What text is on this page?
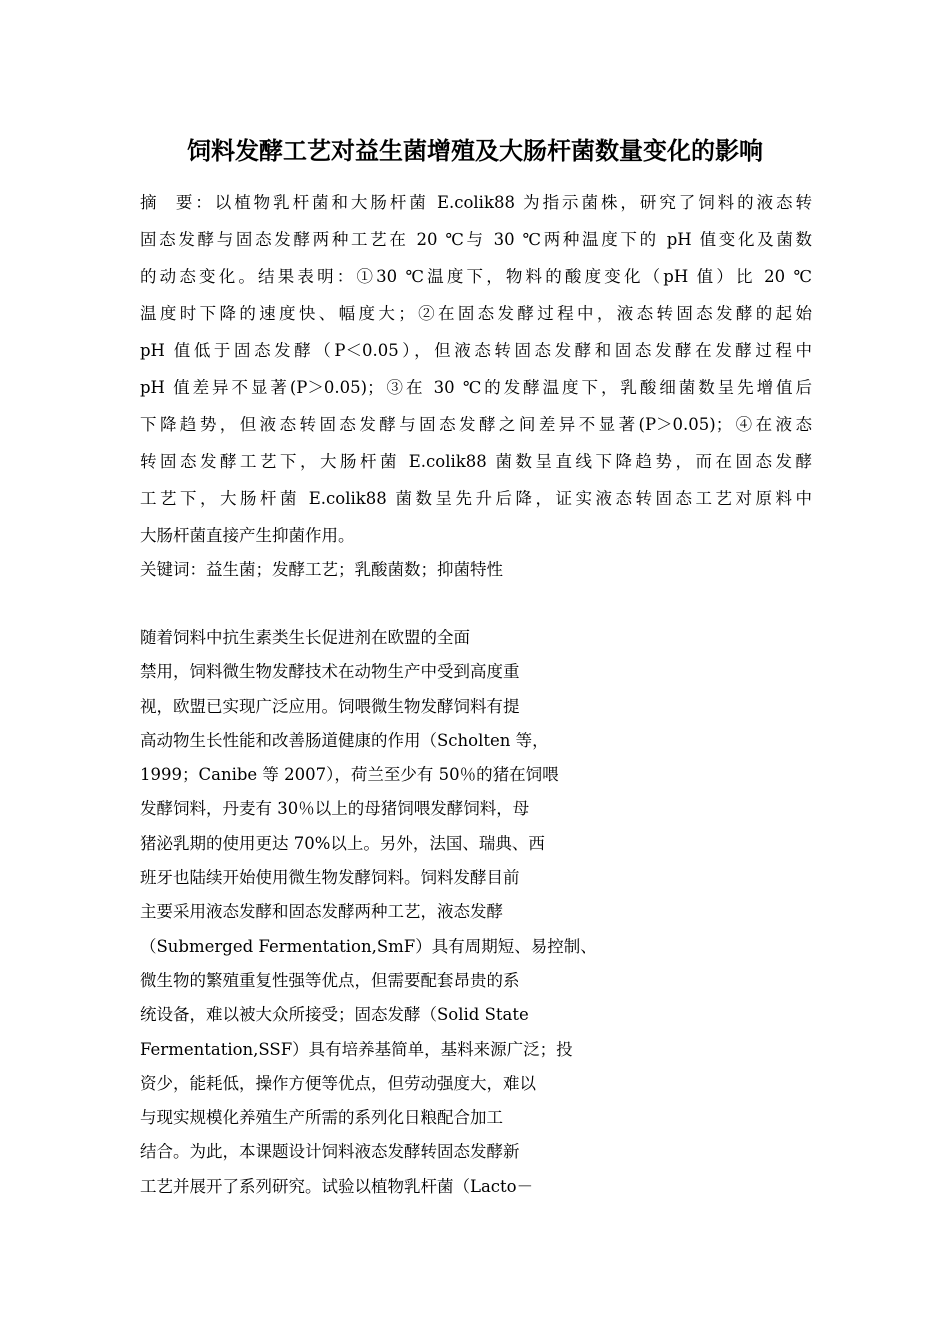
饲料发酵工艺对益生菌增殖及大肠杆菌数量变化的影响
摘  要：以植物乳杆菌和大肠杆菌 E.colik88 为指示菌株，研究了饲料的液态转
固态发酵与固态发酵两种工艺在 20 ℃与 30 ℃两种温度下的 pH 值变化及菌数
的动态变化。结果表明：①30 ℃温度下，物料的酸度变化（pH 值）比 20 ℃
温度时下降的速度快、幅度大；②在固态发酵过程中，液态转固态发酵的起始
pH 值低于固态发酵（P＜0.05），但液态转固态发酵和固态发酵在发酵过程中
pH 值差异不显著(P＞0.05)；③在 30 ℃的发酵温度下，乳酸细菌数呈先增值后
下降趋势，但液态转固态发酵与固态发酵之间差异不显著(P＞0.05)；④在液态
转固态发酵工艺下，大肠杆菌 E.colik88 菌数呈直线下降趋势，而在固态发酵
工艺下，大肠杆菌 E.colik88 菌数呈先升后降，证实液态转固态工艺对原料中
大肠杆菌直接产生抑菌作用。
关键词：益生菌；发酵工艺；乳酸菌数；抑菌特性
随着饲料中抗生素类生长促进剂在欧盟的全面
禁用，饲料微生物发酵技术在动物生产中受到高度重
视，欧盟已实现广泛应用。饲喂微生物发酵饲料有提
高动物生长性能和改善肠道健康的作用（Scholten 等，
1999；Canibe 等 2007），荷兰至少有 50％的猪在饲喂
发酵饲料，丹麦有 30％以上的母猪饲喂发酵饲料，母
猪泌乳期的使用更达 70%以上。另外，法国、瑞典、西
班牙也陆续开始使用微生物发酵饲料。饲料发酵目前
主要采用液态发酵和固态发酵两种工艺，液态发酵
（Submerged Fermentation,SmF）具有周期短、易控制、
微生物的繁殖重复性强等优点，但需要配套昂贵的系
统设备，难以被大众所接受；固态发酵（Solid State
Fermentation,SSF）具有培养基简单，基料来源广泛；投
资少，能耗低，操作方便等优点，但劳动强度大，难以
与现实规模化养殖生产所需的系列化日粮配合加工
结合。为此，本课题设计饲料液态发酵转固态发酵新
工艺并展开了系列研究。试验以植物乳杆菌（Lacto－
